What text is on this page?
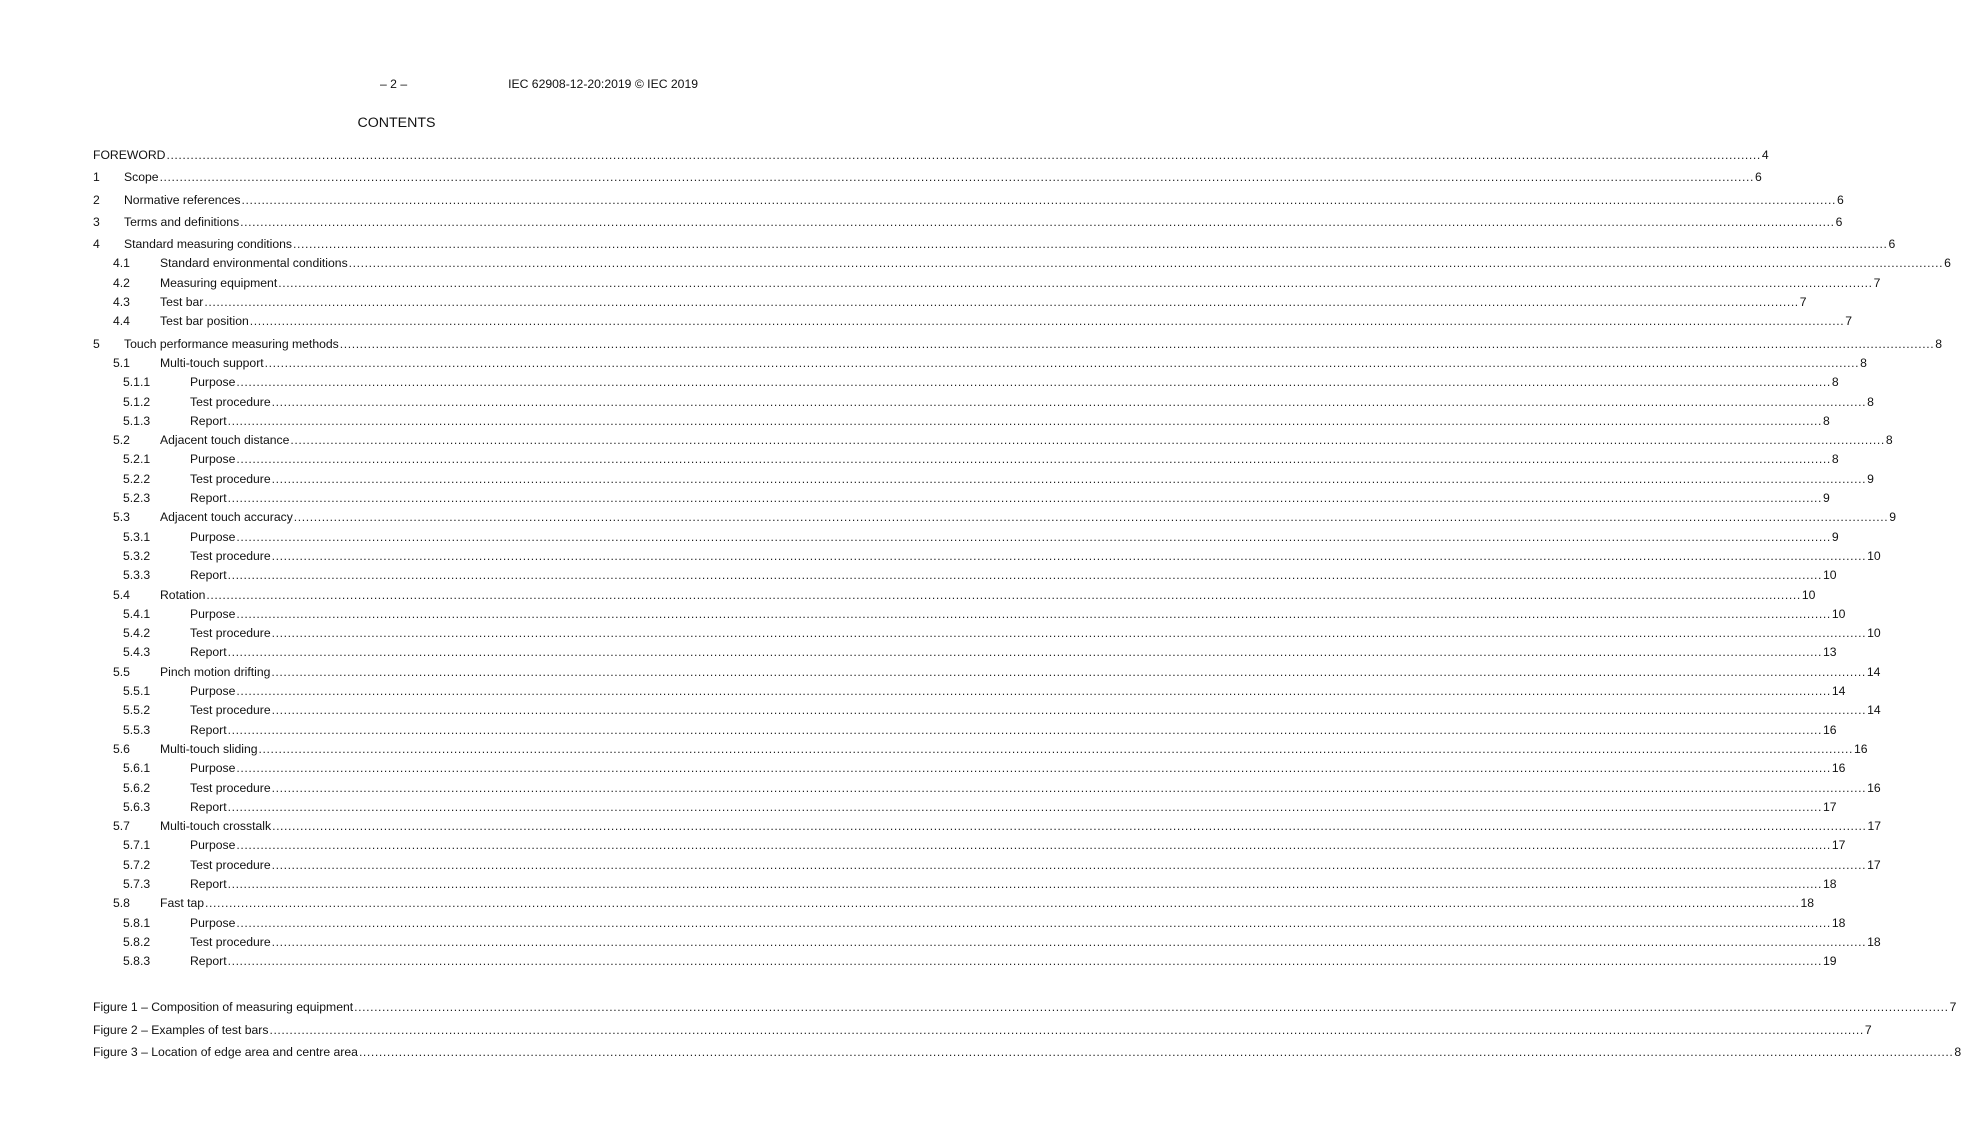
– 2 –	IEC 62908-12-20:2019 © IEC 2019
CONTENTS
FOREWORD ................................................................................................................................................................................................................................................................................................................................................................................................................ 4
1 Scope ................................................................................................................................................................................................................................................................................................................................................................................................................ 6
2 Normative references ................................................................................................................................................................................................................................................................................................................................................................................................................ 6
3 Terms and definitions ................................................................................................................................................................................................................................................................................................................................................................................................................ 6
4 Standard measuring conditions ................................................................................................................................................................................................................................................................................................................................................................................................................ 6
4.1 Standard environmental conditions ................................................................................................................................................................................................................................................................................................................................................................................................................ 6
4.2 Measuring equipment ................................................................................................................................................................................................................................................................................................................................................................................................................ 7
4.3 Test bar ................................................................................................................................................................................................................................................................................................................................................................................................................ 7
4.4 Test bar position ................................................................................................................................................................................................................................................................................................................................................................................................................ 7
5 Touch performance measuring methods ................................................................................................................................................................................................................................................................................................................................................................................................................ 8
5.1 Multi-touch support ................................................................................................................................................................................................................................................................................................................................................................................................................ 8
5.1.1	Purpose ................................................................................................................................................................................................................................................................................................................................................................................................................ 8
5.1.2	Test procedure ................................................................................................................................................................................................................................................................................................................................................................................................................ 8
5.1.3	Report ................................................................................................................................................................................................................................................................................................................................................................................................................ 8
5.2 Adjacent touch distance ................................................................................................................................................................................................................................................................................................................................................................................................................ 8
5.2.1	Purpose ................................................................................................................................................................................................................................................................................................................................................................................................................ 8
5.2.2	Test procedure ................................................................................................................................................................................................................................................................................................................................................................................................................ 9
5.2.3	Report ................................................................................................................................................................................................................................................................................................................................................................................................................ 9
5.3 Adjacent touch accuracy ................................................................................................................................................................................................................................................................................................................................................................................................................ 9
5.3.1	Purpose ................................................................................................................................................................................................................................................................................................................................................................................................................ 9
5.3.2	Test procedure ................................................................................................................................................................................................................................................................................................................................................................................................................ 10
5.3.3	Report ................................................................................................................................................................................................................................................................................................................................................................................................................ 10
5.4 Rotation ................................................................................................................................................................................................................................................................................................................................................................................................................ 10
5.4.1	Purpose ................................................................................................................................................................................................................................................................................................................................................................................................................ 10
5.4.2	Test procedure ................................................................................................................................................................................................................................................................................................................................................................................................................ 10
5.4.3	Report ................................................................................................................................................................................................................................................................................................................................................................................................................ 13
5.5 Pinch motion drifting ................................................................................................................................................................................................................................................................................................................................................................................................................ 14
5.5.1	Purpose ................................................................................................................................................................................................................................................................................................................................................................................................................ 14
5.5.2	Test procedure ................................................................................................................................................................................................................................................................................................................................................................................................................ 14
5.5.3	Report ................................................................................................................................................................................................................................................................................................................................................................................................................ 16
5.6 Multi-touch sliding ................................................................................................................................................................................................................................................................................................................................................................................................................ 16
5.6.1	Purpose ................................................................................................................................................................................................................................................................................................................................................................................................................ 16
5.6.2	Test procedure ................................................................................................................................................................................................................................................................................................................................................................................................................ 16
5.6.3	Report ................................................................................................................................................................................................................................................................................................................................................................................................................ 17
5.7 Multi-touch crosstalk ................................................................................................................................................................................................................................................................................................................................................................................................................ 17
5.7.1	Purpose ................................................................................................................................................................................................................................................................................................................................................................................................................ 17
5.7.2	Test procedure ................................................................................................................................................................................................................................................................................................................................................................................................................ 17
5.7.3	Report ................................................................................................................................................................................................................................................................................................................................................................................................................ 18
5.8 Fast tap ................................................................................................................................................................................................................................................................................................................................................................................................................ 18
5.8.1	Purpose ................................................................................................................................................................................................................................................................................................................................................................................................................ 18
5.8.2	Test procedure ................................................................................................................................................................................................................................................................................................................................................................................................................ 18
5.8.3	Report ................................................................................................................................................................................................................................................................................................................................................................................................................ 19
Figure 1 – Composition of measuring equipment ................................................................................................................................................................................................................................................................................................................................................................................................................ 7
Figure 2 – Examples of test bars ................................................................................................................................................................................................................................................................................................................................................................................................................ 7
Figure 3 – Location of edge area and centre area ................................................................................................................................................................................................................................................................................................................................................................................................................ 8
